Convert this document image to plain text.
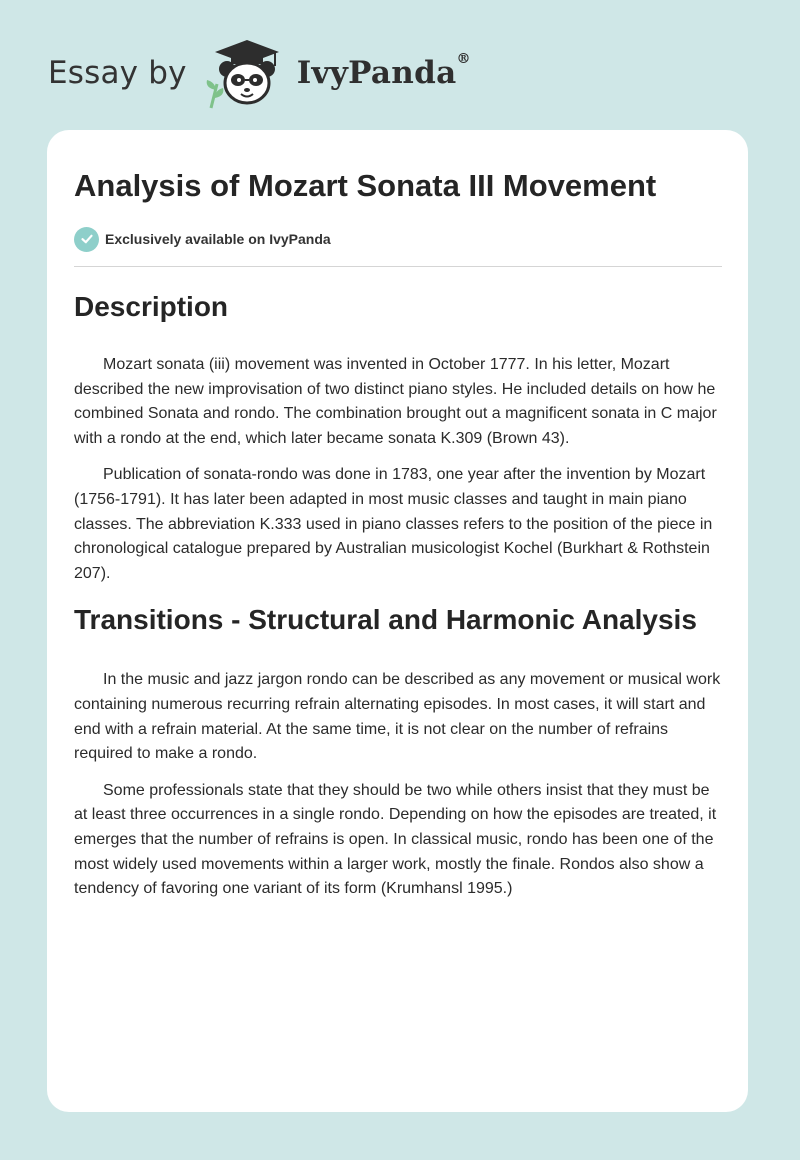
Essay by	IvyPanda®
Analysis of Mozart Sonata III Movement
Exclusively available on IvyPanda
Description

Mozart sonata (iii) movement was invented in October 1777. In his letter, Mozart described the new improvisation of two distinct piano styles. He included details on how he combined Sonata and rondo. The combination brought out a magnificent sonata in C major with a rondo at the end, which later became sonata K.309 (Brown 43).

Publication of sonata-rondo was done in 1783, one year after the invention by Mozart (1756-1791). It has later been adapted in most music classes and taught in main piano classes. The abbreviation K.333 used in piano classes refers to the position of the piece in chronological catalogue prepared by Australian musicologist Kochel (Burkhart & Rothstein 207).

Transitions - Structural and Harmonic Analysis

In the music and jazz jargon rondo can be described as any movement or musical work containing numerous recurring refrain alternating episodes. In most cases, it will start and end with a refrain material. At the same time, it is not clear on the number of refrains required to make a rondo.

Some professionals state that they should be two while others insist that they must be at least three occurrences in a single rondo. Depending on how the episodes are treated, it emerges that the number of refrains is open. In classical music, rondo has been one of the most widely used movements within a larger work, mostly the finale. Rondos also show a tendency of favoring one variant of its form (Krumhansl 1995.)
